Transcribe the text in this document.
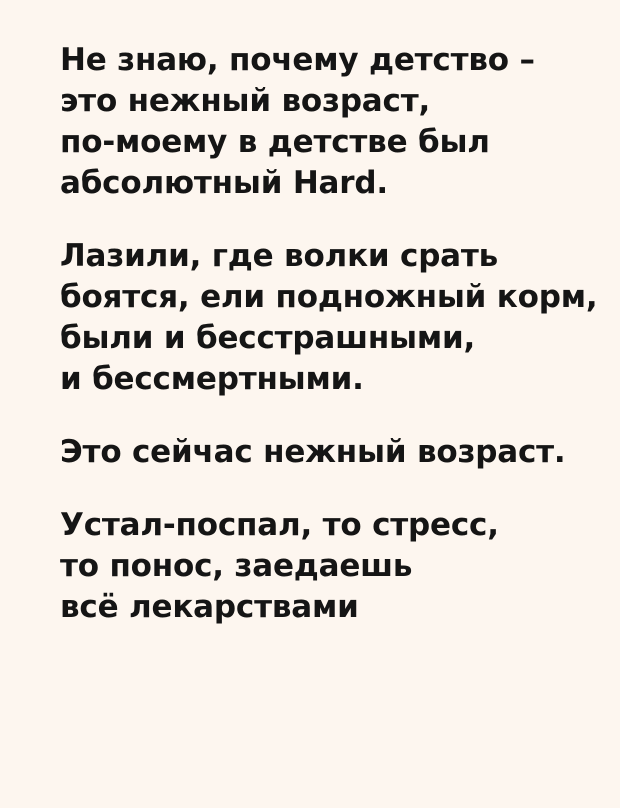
Не знаю, почему детство –
это нежный возраст,
по-моему в детстве был
абсолютный Hard.
Лазили, где волки срать
боятся, ели подножный корм,
были и бесстрашными,
и бессмертными.
Это сейчас нежный возраст.
Устал-поспал, то стресс,
то понос, заедаешь
всё лекарствами
